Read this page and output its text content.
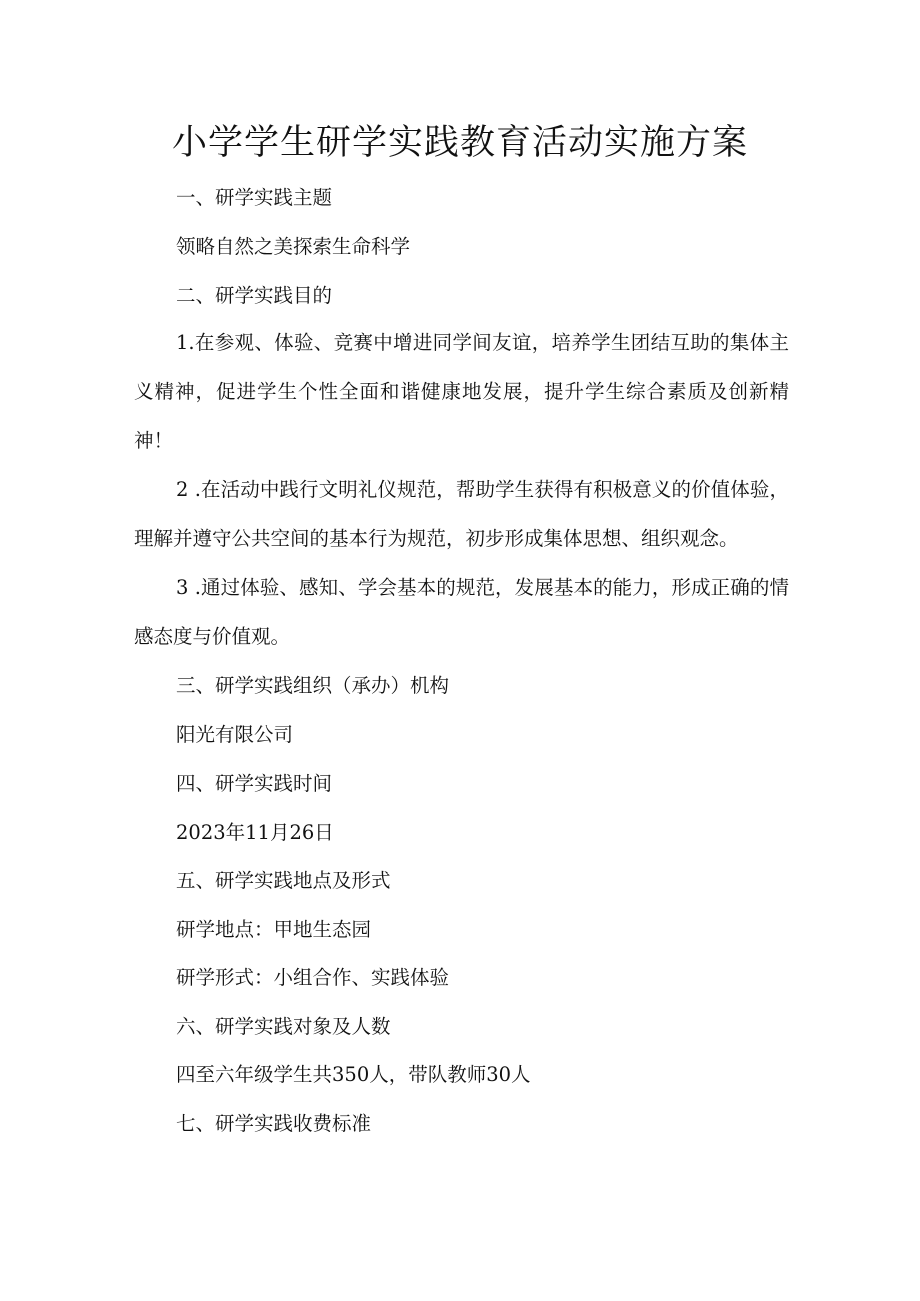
小学学生研学实践教育活动实施方案
一、研学实践主题
领略自然之美探索生命科学
二、研学实践目的
1.在参观、体验、竞赛中增进同学间友谊，培养学生团结互助的集体主义精神，促进学生个性全面和谐健康地发展，提升学生综合素质及创新精神！
2 .在活动中践行文明礼仪规范，帮助学生获得有积极意义的价值体验，理解并遵守公共空间的基本行为规范，初步形成集体思想、组织观念。
3 .通过体验、感知、学会基本的规范，发展基本的能力，形成正确的情感态度与价值观。
三、研学实践组织（承办）机构
阳光有限公司
四、研学实践时间
2023年11月26日
五、研学实践地点及形式
研学地点：甲地生态园
研学形式：小组合作、实践体验
六、研学实践对象及人数
四至六年级学生共350人，带队教师30人
七、研学实践收费标准
